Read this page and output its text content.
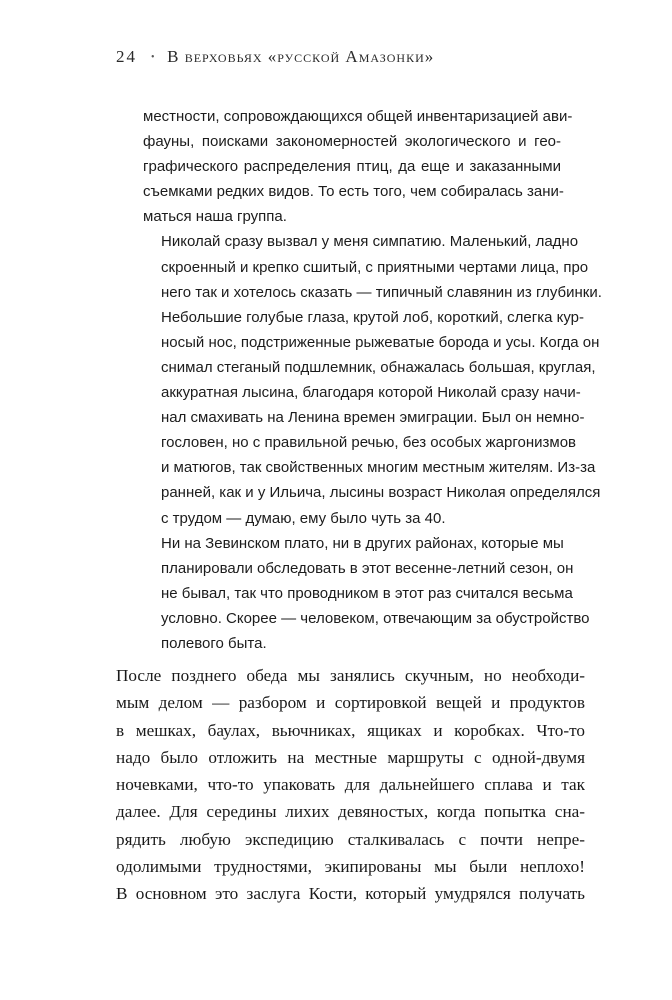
24 • В верховьях «русской Амазонки»

местности, сопровождающихся общей инвентаризацией ави-
фауны, поисками закономерностей экологического и гео-
графического распределения птиц, да еще и заказанными
съемками редких видов. То есть того, чем собиралась зани-
маться наша группа.

Николай сразу вызвал у меня симпатию. Маленький, ладно
скроенный и крепко сшитый, с приятными чертами лица, про
него так и хотелось сказать — типичный славянин из глубинки.
Небольшие голубые глаза, крутой лоб, короткий, слегка кур-
носый нос, подстриженные рыжеватые борода и усы. Когда он
снимал стеганый подшлемник, обнажалась большая, круглая,
аккуратная лысина, благодаря которой Николай сразу начи-
нал смахивать на Ленина времен эмиграции. Был он немно-
гословен, но с правильной речью, без особых жаргонизмов
и матюгов, так свойственных многим местным жителям. Из-за
ранней, как и у Ильича, лысины возраст Николая определялся
с трудом — думаю, ему было чуть за 40.

Ни на Зевинском плато, ни в других районах, которые мы
планировали обследовать в этот весенне-летний сезон, он
не бывал, так что проводником в этот раз считался весьма
условно. Скорее — человеком, отвечающим за обустройство
полевого быта.

После позднего обеда мы занялись скучным, но необходи-
мым делом — разбором и сортировкой вещей и продуктов
в мешках, баулах, вьючниках, ящиках и коробках. Что-то
надо было отложить на местные маршруты с одной-двумя
ночевками, что-то упаковать для дальнейшего сплава и так
далее. Для середины лихих девяностых, когда попытка сна-
рядить любую экспедицию сталкивалась с почти непре-
одолимыми трудностями, экипированы мы были неплохо!
В основном это заслуга Кости, который умудрялся получать
